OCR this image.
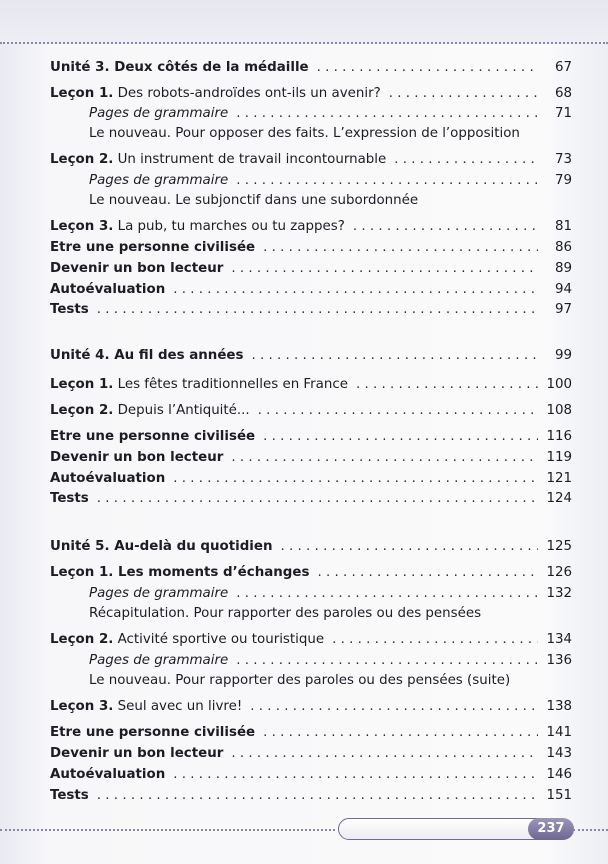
Unité 3. Deux côtés de la médaille . . .	67
Leçon 1. Des robots-androïdes ont-ils un avenir? . . .	68
Pages de grammaire . . .	71
Le nouveau. Pour opposer des faits. L’expression de l’opposition
Leçon 2. Un instrument de travail incontournable . . .	73
Pages de grammaire . . .	79
Le nouveau. Le subjonctif dans une subordonnée
Leçon 3. La pub, tu marches ou tu zappes? . . .	81
Etre une personne civilisée . . .	86
Devenir un bon lecteur . . .	89
Autoévaluation . . .	94
Tests . . .	97
Unité 4. Au fil des années . . .	99
Leçon 1. Les fêtes traditionnelles en France . . .	100
Leçon 2. Depuis l’Antiquité... . . .	108
Etre une personne civilisée . . .	116
Devenir un bon lecteur . . .	119
Autoévaluation . . .	121
Tests . . .	124
Unité 5. Au-delà du quotidien . . .	125
Leçon 1. Les moments d’échanges . . .	126
Pages de grammaire . . .	132
Récapitulation. Pour rapporter des paroles ou des pensées
Leçon 2. Activité sportive ou touristique . . .	134
Pages de grammaire . . .	136
Le nouveau. Pour rapporter des paroles ou des pensées (suite)
Leçon 3. Seul avec un livre! . . .	138
Etre une personne civilisée . . .	141
Devenir un bon lecteur . . .	143
Autoévaluation . . .	146
Tests . . .	151
237
